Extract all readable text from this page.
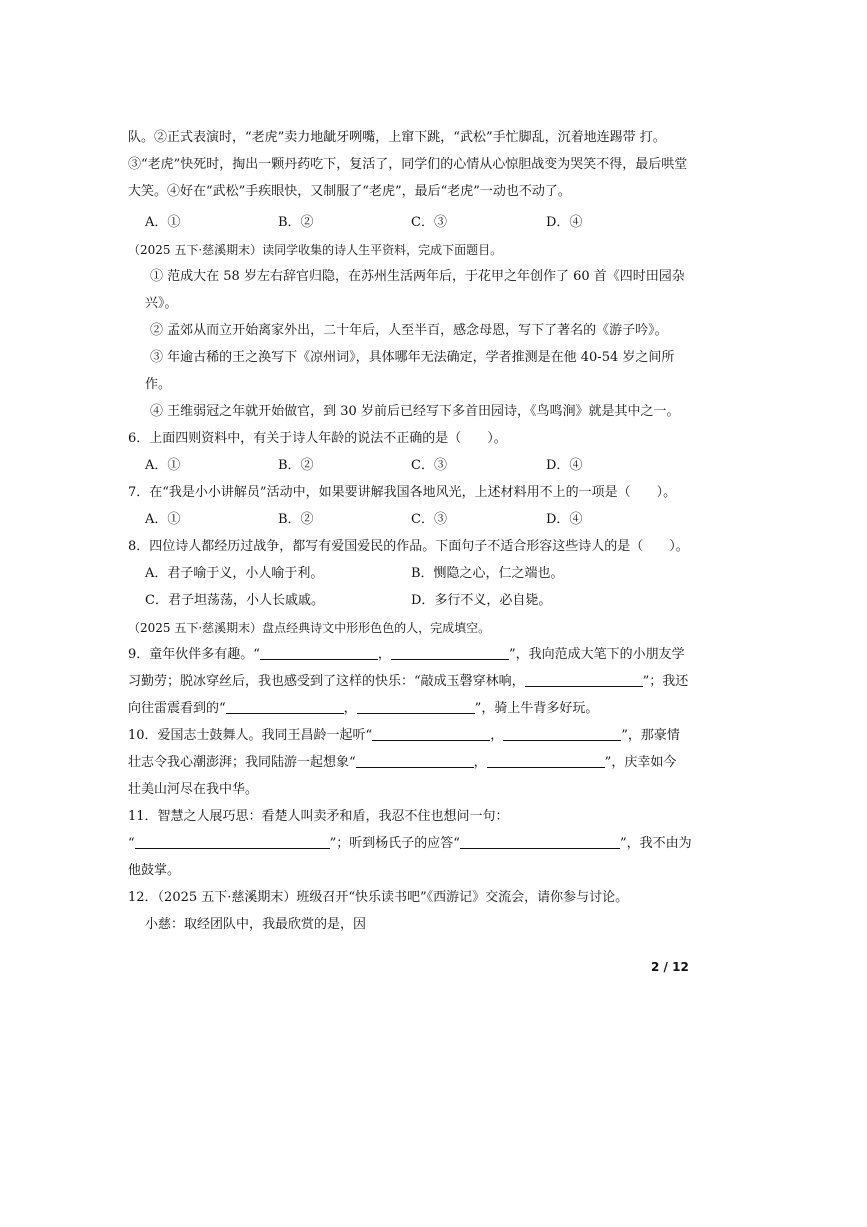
队。②正式表演时，“老虎”卖力地龇牙咧嘴，上窜下跳，“武松”手忙脚乱，沉着地连踢带 打。
③“老虎”快死时，掏出一颗丹药吃下，复活了，同学们的心情从心惊胆战变为哭笑不得，最后哄堂
大笑。④好在“武松”手疾眼快，又制服了“老虎”，最后“老虎”一动也不动了。
A．①	B．②	C．③	D．④
（2025 五下·慈溪期末）读同学收集的诗人生平资料，完成下面题目。
① 范成大在 58 岁左右辞官归隐，在苏州生活两年后，于花甲之年创作了 60 首《四时田园杂
兴》。
② 孟郊从而立开始离家外出，二十年后，人至半百，感念母恩，写下了著名的《游子吟》。
③ 年逾古稀的王之涣写下《凉州词》，具体哪年无法确定，学者推测是在他 40-54 岁之间所
作。
④ 王维弱冠之年就开始做官，到 30 岁前后已经写下多首田园诗，《鸟鸣涧》就是其中之一。
6．上面四则资料中，有关于诗人年龄的说法不正确的是（　　）。
A．①	B．②	C．③	D．④
7．在“我是小小讲解员”活动中，如果要讲解我国各地风光，上述材料用不上的一项是（　　）。
A．①	B．②	C．③	D．④
8．四位诗人都经历过战争，都写有爱国爱民的作品。下面句子不适合形容这些诗人的是（　　）。
A．君子喻于义，小人喻于利。	B．恻隐之心，仁之端也。
C．君子坦荡荡，小人长戚戚。	D．多行不义，必自毙。
（2025 五下·慈溪期末）盘点经典诗文中形形色色的人，完成填空。
9．童年伙伴多有趣。“	，	”，我向范成大笔下的小朋友学
习勤劳；脱冰穿丝后，我也感受到了这样的快乐：“敲成玉磬穿林响，	”；我还
向往雷震看到的“	，	”，骑上牛背多好玩。
10．爱国志士鼓舞人。我同王昌龄一起听“	，	”，那豪情
壮志令我心潮澎湃；我同陆游一起想象“	，	”，庆幸如今
壮美山河尽在我中华。
11．智慧之人展巧思：看楚人叫卖矛和盾，我忍不住也想问一句：
“	”；听到杨氏子的应答“	”，我不由为
他鼓掌。
12．（2025 五下·慈溪期末）班级召开“快乐读书吧”《西游记》交流会，请你参与讨论。
小慈：取经团队中，我最欣赏的是，因
2 / 12
